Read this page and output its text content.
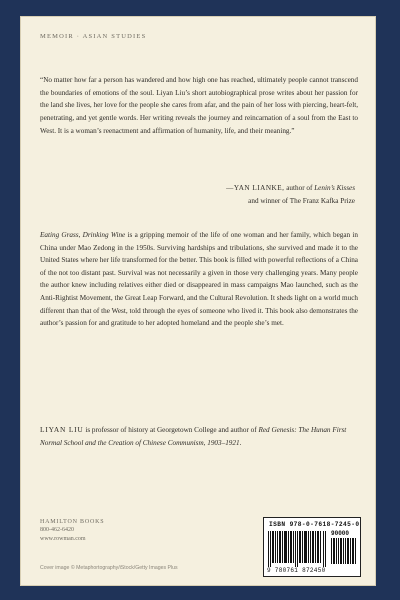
MEMOIR · ASIAN STUDIES
“No matter how far a person has wandered and how high one has reached, ultimately people cannot transcend the boundaries of emotions of the soul. Liyan Liu’s short autobiographical prose writes about her passion for the land she lives, her love for the people she cares from afar, and the pain of her loss with piercing, heart-felt, penetrating, and yet gentle words. Her writing reveals the journey and reincarnation of a soul from the East to West. It is a woman’s reenactment and affirmation of humanity, life, and their meaning.”
—YAN LIANKE, author of Lenin’s Kisses
and winner of The Franz Kafka Prize
Eating Grass, Drinking Wine is a gripping memoir of the life of one woman and her family, which began in China under Mao Zedong in the 1950s. Surviving hardships and tribulations, she survived and made it to the United States where her life transformed for the better. This book is filled with powerful reflections of a China of the not too distant past. Survival was not necessarily a given in those very challenging years. Many people the author knew including relatives either died or disappeared in mass campaigns Mao launched, such as the Anti-Rightist Movement, the Great Leap Forward, and the Cultural Revolution. It sheds light on a world much different than that of the West, told through the eyes of someone who lived it. This book also demonstrates the author’s passion for and gratitude to her adopted homeland and the people she’s met.
LIYAN LIU is professor of history at Georgetown College and author of Red Genesis: The Hunan First Normal School and the Creation of Chinese Communism, 1903–1921.
HAMILTON BOOKS
800-462-6420
www.rowman.com
Cover image © Metaphortography/iStock/Getty Images Plus
ISBN 978-0-7618-7245-0
90000
9 780761 872450
